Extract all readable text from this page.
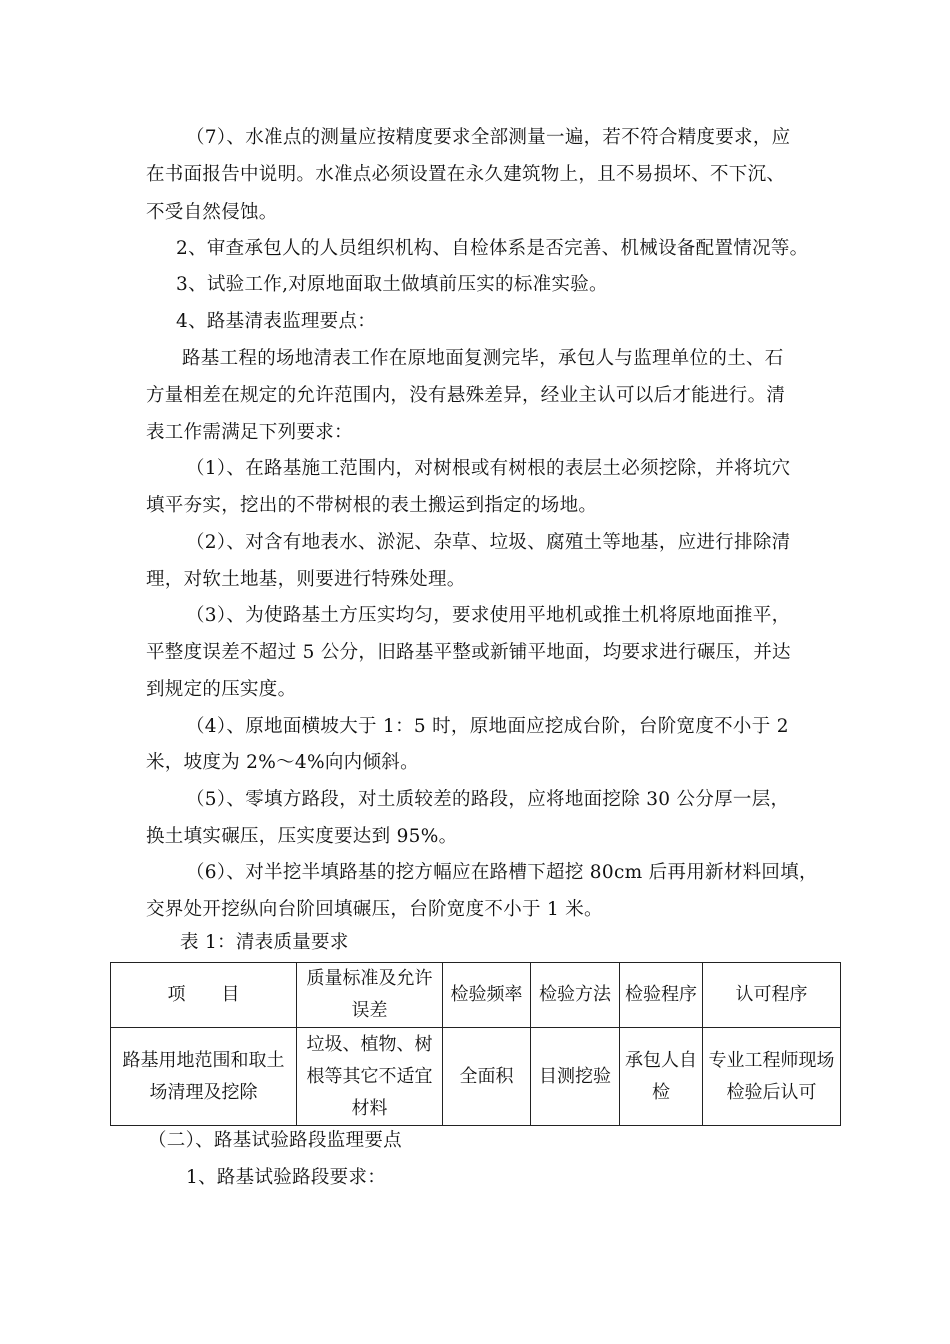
（7）、水准点的测量应按精度要求全部测量一遍，若不符合精度要求，应
在书面报告中说明。水准点必须设置在永久建筑物上，且不易损坏、不下沉、
不受自然侵蚀。
2、审查承包人的人员组织机构、自检体系是否完善、机械设备配置情况等。
3、试验工作,对原地面取土做填前压实的标准实验。
4、路基清表监理要点：
路基工程的场地清表工作在原地面复测完毕，承包人与监理单位的土、石
方量相差在规定的允许范围内，没有悬殊差异，经业主认可以后才能进行。清
表工作需满足下列要求：
（1）、在路基施工范围内，对树根或有树根的表层土必须挖除，并将坑穴
填平夯实，挖出的不带树根的表土搬运到指定的场地。
（2）、对含有地表水、淤泥、杂草、垃圾、腐殖土等地基，应进行排除清
理，对软土地基，则要进行特殊处理。
（3）、为使路基土方压实均匀，要求使用平地机或推土机将原地面推平，
平整度误差不超过 5 公分，旧路基平整或新铺平地面，均要求进行碾压，并达
到规定的压实度。
（4）、原地面横坡大于 1：5 时，原地面应挖成台阶，台阶宽度不小于 2
米，坡度为 2%～4%向内倾斜。
（5）、零填方路段，对土质较差的路段，应将地面挖除 30 公分厚一层，
换土填实碾压，压实度要达到 95%。
（6）、对半挖半填路基的挖方幅应在路槽下超挖 80cm 后再用新材料回填，
交界处开挖纵向台阶回填碾压，台阶宽度不小于 1 米。
表 1：清表质量要求
项　　目	质量标准及允许误差	检验频率	检验方法	检验程序	认可程序
路基用地范围和取土场清理及挖除	垃圾、植物、树根等其它不适宜材料	全面积	目测挖验	承包人自检	专业工程师现场检验后认可
（二）、路基试验路段监理要点
1、路基试验路段要求：
